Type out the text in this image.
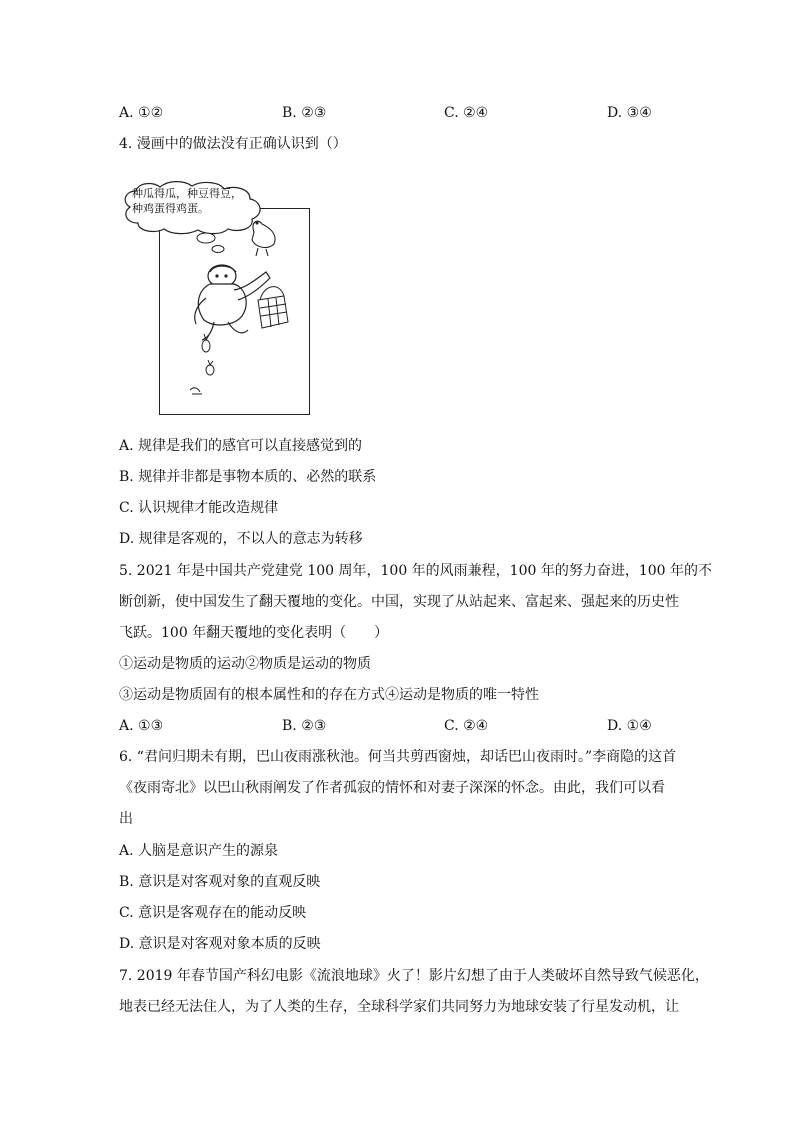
A. ①②	B. ②③	C. ②④	D. ③④
4. 漫画中的做法没有正确认识到（）
种瓜得瓜，种豆得豆，
种鸡蛋得鸡蛋。
A. 规律是我们的感官可以直接感觉到的
B. 规律并非都是事物本质的、必然的联系
C. 认识规律才能改造规律
D. 规律是客观的，不以人的意志为转移
5. 2021 年是中国共产党建党 100 周年，100 年的风雨兼程，100 年的努力奋进，100 年的不
断创新，使中国发生了翻天覆地的变化。中国，实现了从站起来、富起来、强起来的历史性
飞跃。100 年翻天覆地的变化表明（　　）
①运动是物质的运动②物质是运动的物质
③运动是物质固有的根本属性和的存在方式④运动是物质的唯一特性
A. ①③	B. ②③	C. ②④	D. ①④
6. “君问归期未有期，巴山夜雨涨秋池。何当共剪西窗烛，却话巴山夜雨时。”李商隐的这首
《夜雨寄北》以巴山秋雨阐发了作者孤寂的情怀和对妻子深深的怀念。由此，我们可以看
出
A. 人脑是意识产生的源泉
B. 意识是对客观对象的直观反映
C. 意识是客观存在的能动反映
D. 意识是对客观对象本质的反映
7. 2019 年春节国产科幻电影《流浪地球》火了！影片幻想了由于人类破坏自然导致气候恶化，
地表已经无法住人，为了人类的生存，全球科学家们共同努力为地球安装了行星发动机，让
